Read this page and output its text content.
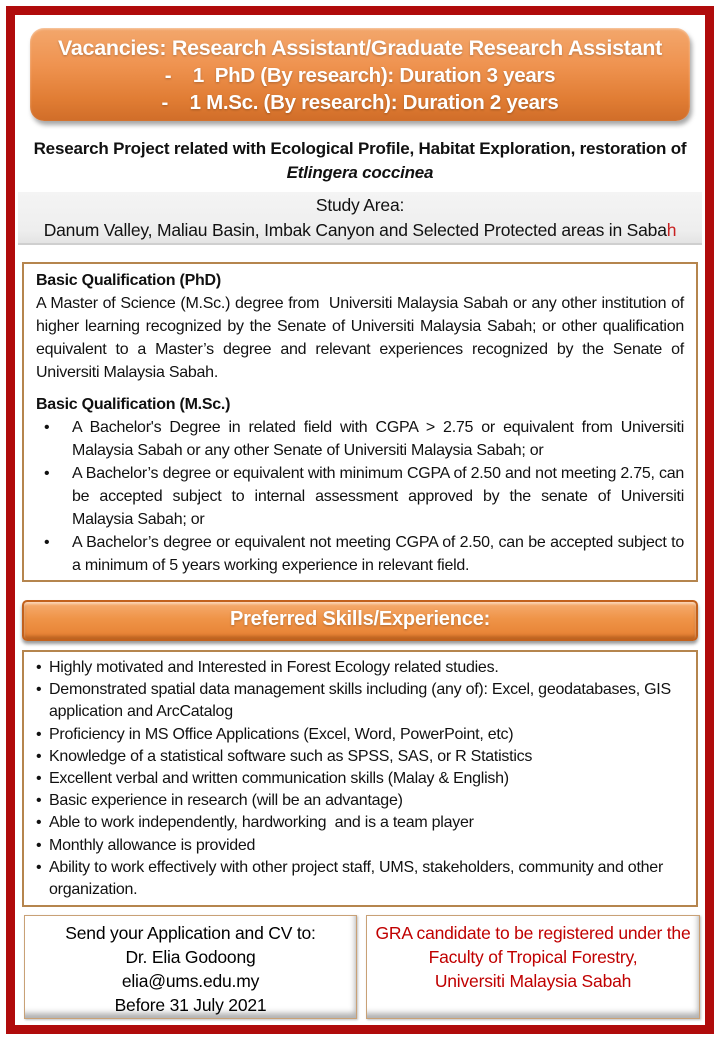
Vacancies: Research Assistant/Graduate Research Assistant
-    1  PhD (By research): Duration 3 years
-    1 M.Sc. (By research): Duration 2 years
Research Project related with Ecological Profile, Habitat Exploration, restoration of
Etlingera coccinea
Study Area:
Danum Valley, Maliau Basin, Imbak Canyon and Selected Protected areas in Sabah
Basic Qualification (PhD)
A Master of Science (M.Sc.) degree from  Universiti Malaysia Sabah or any other institution of higher learning recognized by the Senate of Universiti Malaysia Sabah; or other qualification equivalent to a Master’s degree and relevant experiences recognized by the Senate of Universiti Malaysia Sabah.
Basic Qualification (M.Sc.)
•	A Bachelor's Degree in related field with CGPA > 2.75 or equivalent from Universiti Malaysia Sabah or any other Senate of Universiti Malaysia Sabah; or
•	A Bachelor’s degree or equivalent with minimum CGPA of 2.50 and not meeting 2.75, can be accepted subject to internal assessment approved by the senate of Universiti Malaysia Sabah; or
•	A Bachelor’s degree or equivalent not meeting CGPA of 2.50, can be accepted subject to a minimum of 5 years working experience in relevant field.
Preferred Skills/Experience:
• Highly motivated and Interested in Forest Ecology related studies.
• Demonstrated spatial data management skills including (any of): Excel, geodatabases, GIS application and ArcCatalog
• Proficiency in MS Office Applications (Excel, Word, PowerPoint, etc)
• Knowledge of a statistical software such as SPSS, SAS, or R Statistics
• Excellent verbal and written communication skills (Malay & English)
• Basic experience in research (will be an advantage)
• Able to work independently, hardworking  and is a team player
• Monthly allowance is provided
• Ability to work effectively with other project staff, UMS, stakeholders, community and other organization.
Send your Application and CV to:
Dr. Elia Godoong
elia@ums.edu.my
Before 31 July 2021
GRA candidate to be registered under the
Faculty of Tropical Forestry,
Universiti Malaysia Sabah
